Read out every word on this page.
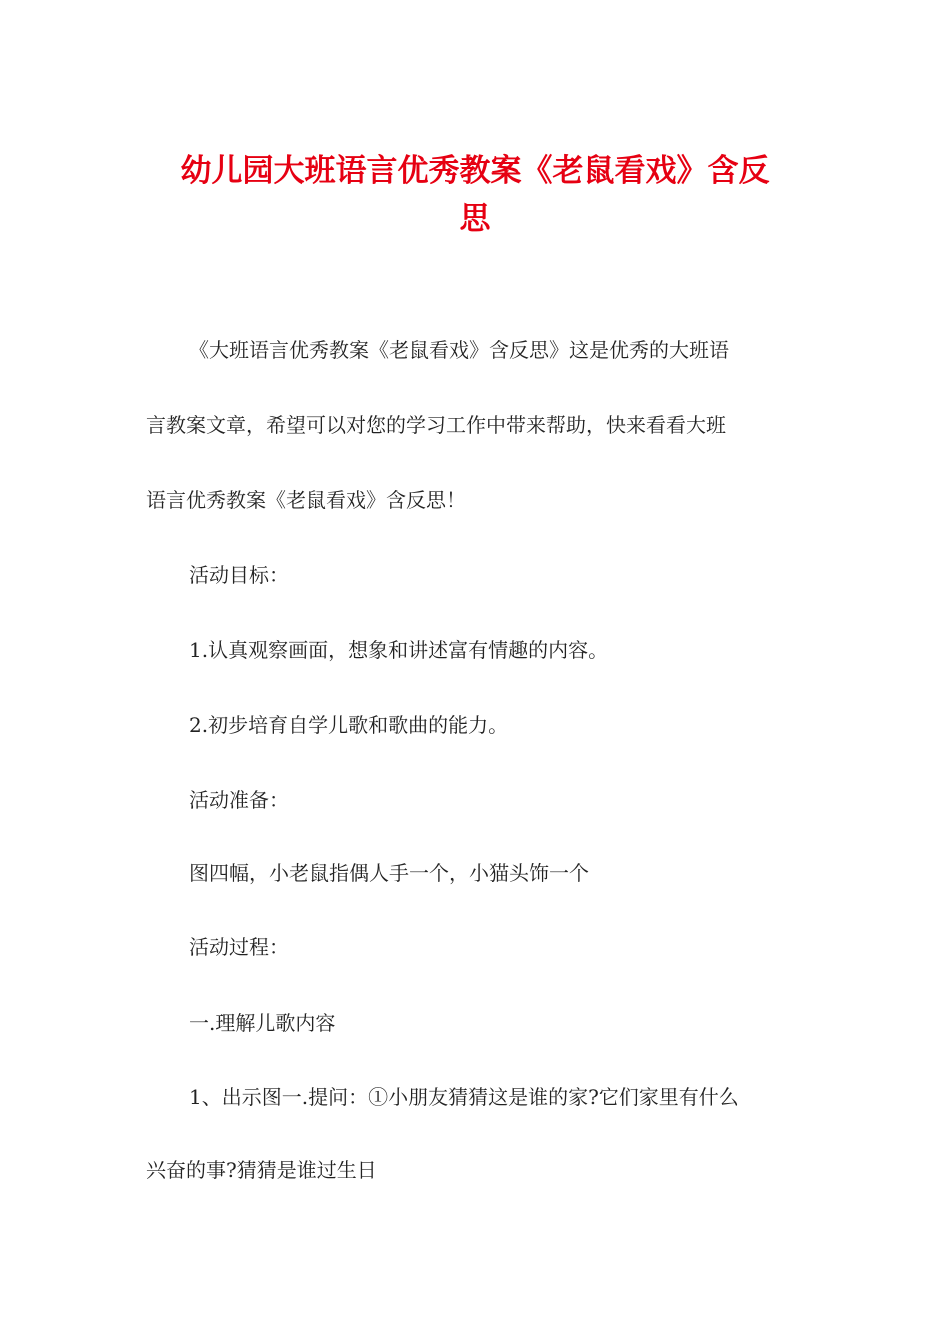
幼儿园大班语言优秀教案《老鼠看戏》含反
思

《大班语言优秀教案《老鼠看戏》含反思》这是优秀的大班语

言教案文章，希望可以对您的学习工作中带来帮助，快来看看大班

语言优秀教案《老鼠看戏》含反思！

活动目标：

1.认真观察画面，想象和讲述富有情趣的内容。

2.初步培育自学儿歌和歌曲的能力。

活动准备：

图四幅，小老鼠指偶人手一个，小猫头饰一个

活动过程：

一.理解儿歌内容

1、出示图一.提问：①小朋友猜猜这是谁的家?它们家里有什么

兴奋的事?猜猜是谁过生日
